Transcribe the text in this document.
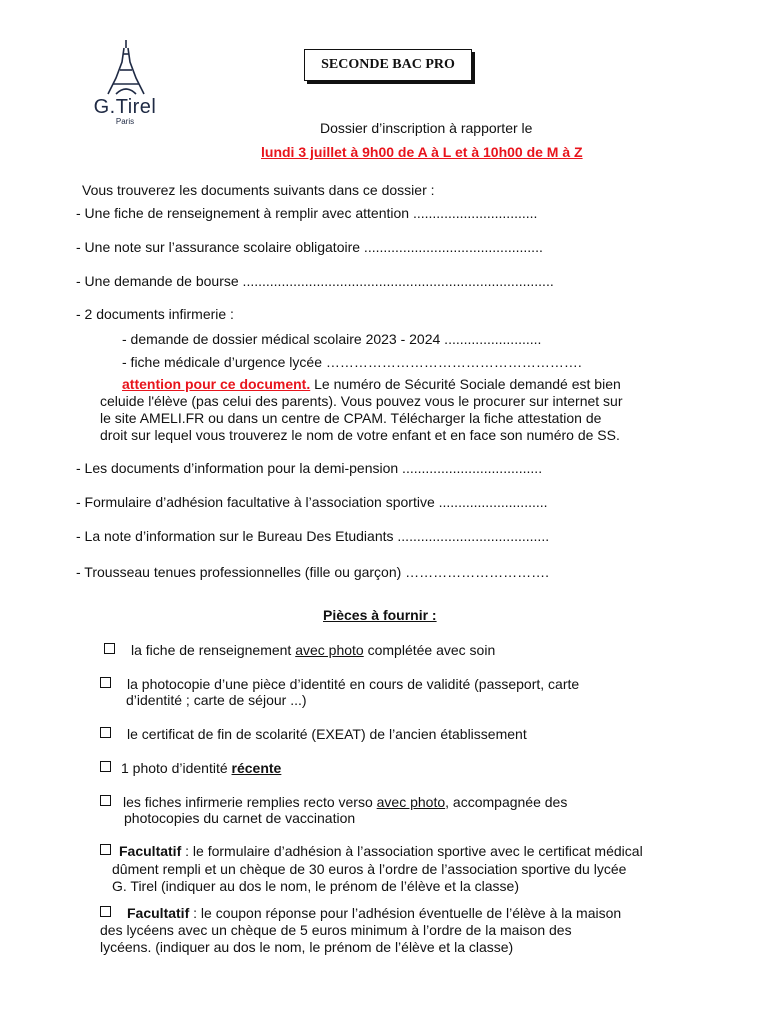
G.Tirel
Paris
SECONDE BAC PRO
Dossier d’inscription à rapporter le
lundi 3 juillet à 9h00 de A à L et à 10h00 de M à Z
Vous trouverez les documents suivants dans ce dossier :
- Une fiche de renseignement à remplir avec attention ................................
- Une note sur l’assurance scolaire obligatoire ..............................................
- Une demande de bourse ................................................................................
- 2 documents infirmerie :
- demande de dossier médical scolaire 2023 - 2024 .........................
- fiche médicale d’urgence lycée ……………………………………………….
attention pour ce document. Le numéro de Sécurité Sociale demandé est bien
celuide l'élève (pas celui des parents). Vous pouvez vous le procurer sur internet sur
le site AMELI.FR ou dans un centre de CPAM. Télécharger la fiche attestation de
droit sur lequel vous trouverez le nom de votre enfant et en face son numéro de SS.
- Les documents d’information pour la demi-pension ....................................
- Formulaire d’adhésion facultative à l’association sportive ............................
- La note d’information sur le Bureau Des Etudiants .......................................
- Trousseau tenues professionnelles (fille ou garçon) ………………………….
Pièces à fournir :
la fiche de renseignement avec photo complétée avec soin
la photocopie d’une pièce d’identité en cours de validité (passeport, carte
d’identité ; carte de séjour ...)
le certificat de fin de scolarité (EXEAT) de l’ancien établissement
1 photo d’identité récente
les fiches infirmerie remplies recto verso avec photo, accompagnée des
photocopies du carnet de vaccination
Facultatif : le formulaire d’adhésion à l’association sportive avec le certificat médical
dûment rempli et un chèque de 30 euros à l’ordre de l’association sportive du lycée
G. Tirel (indiquer au dos le nom, le prénom de l’élève et la classe)
Facultatif : le coupon réponse pour l’adhésion éventuelle de l’élève à la maison
des lycéens avec un chèque de 5 euros minimum à l’ordre de la maison des
lycéens. (indiquer au dos le nom, le prénom de l’élève et la classe)
